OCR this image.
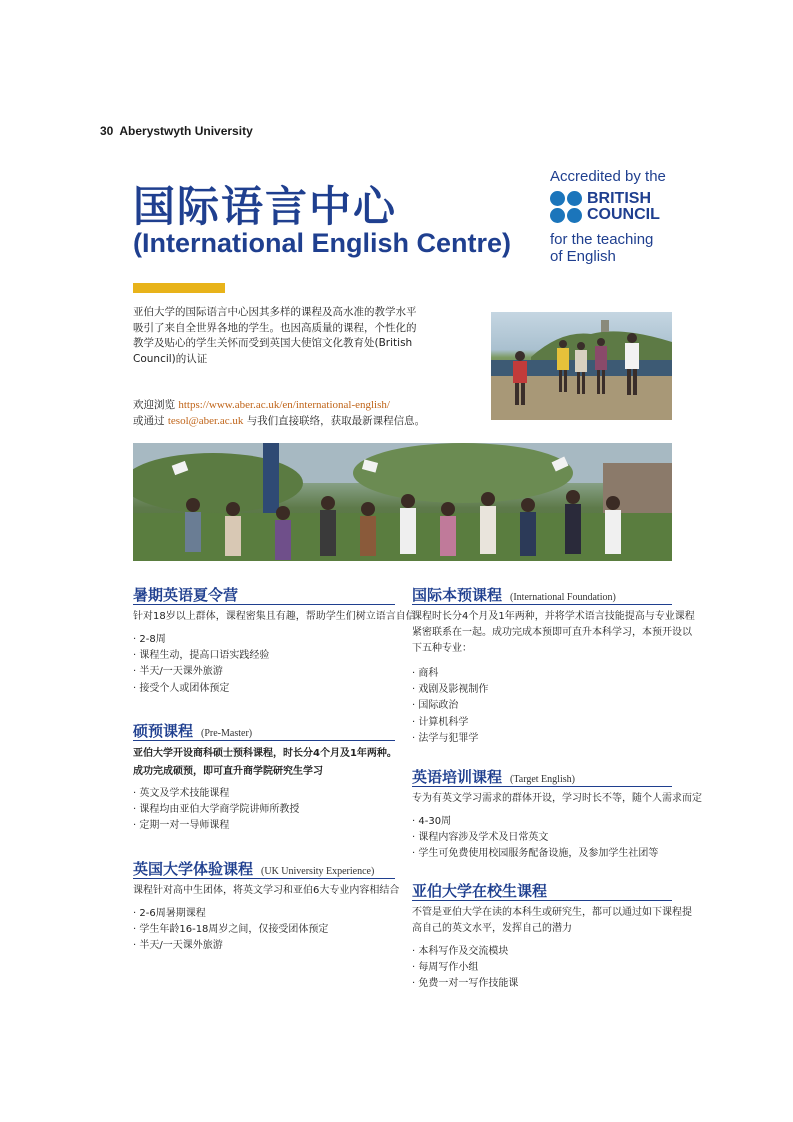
30 Aberystwyth University
国际语言中心
(International English Centre)
Accredited by the
BRITISH
COUNCIL
for the teaching
of English
亚伯大学的国际语言中心因其多样的课程及高水准的教学水平
吸引了来自全世界各地的学生。也因高质量的课程，个性化的
教学及贴心的学生关怀而受到英国大使馆文化教育处(British
Council)的认证
欢迎浏览 https://www.aber.ac.uk/en/international-english/
或通过 tesol@aber.ac.uk 与我们直接联络，获取最新课程信息。
暑期英语夏令营
针对18岁以上群体，课程密集且有趣，帮助学生们树立语言自信
· 2-8周
· 课程生动，提高口语实践经验
· 半天/一天课外旅游
· 接受个人或团体预定
硕预课程 (Pre-Master)
亚伯大学开设商科硕士预科课程，时长分4个月及1年两种。
成功完成硕预，即可直升商学院研究生学习
· 英文及学术技能课程
· 课程均由亚伯大学商学院讲师所教授
· 定期一对一导师课程
英国大学体验课程 (UK University Experience)
课程针对高中生团体，将英文学习和亚伯6大专业内容相结合
· 2-6周暑期课程
· 学生年龄16-18周岁之间，仅接受团体预定
· 半天/一天课外旅游
国际本预课程 (International Foundation)
课程时长分4个月及1年两种，并将学术语言技能提高与专业课程
紧密联系在一起。成功完成本预即可直升本科学习，本预开设以
下五种专业：
· 商科
· 戏剧及影视制作
· 国际政治
· 计算机科学
· 法学与犯罪学
英语培训课程 (Target English)
专为有英文学习需求的群体开设，学习时长不等，随个人需求而定
· 4-30周
· 课程内容涉及学术及日常英文
· 学生可免费使用校园服务配备设施，及参加学生社团等
亚伯大学在校生课程
不管是亚伯大学在读的本科生或研究生，都可以通过如下课程提
高自己的英文水平，发挥自己的潜力
· 本科写作及交流模块
· 每周写作小组
· 免费一对一写作技能课
